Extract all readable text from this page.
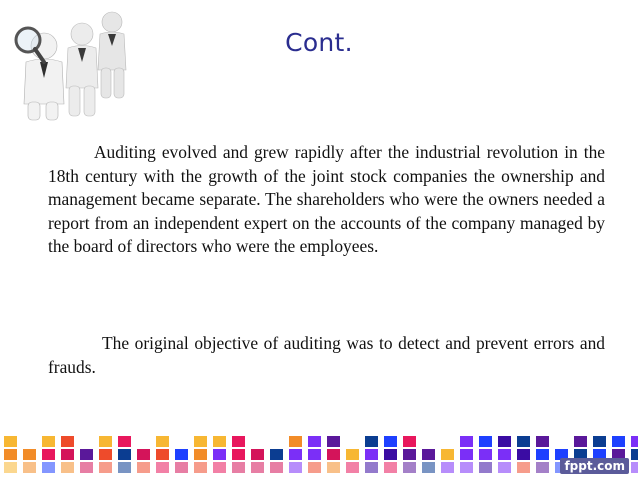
Cont.

Auditing evolved and grew rapidly after the industrial revolution in the 18th century with the growth of the joint stock companies the ownership and management became separate. The shareholders who were the owners needed a report from an independent expert on the accounts of the company managed by the board of directors who were the employees.

The original objective of auditing was to detect and prevent errors and frauds.

fppt.com
